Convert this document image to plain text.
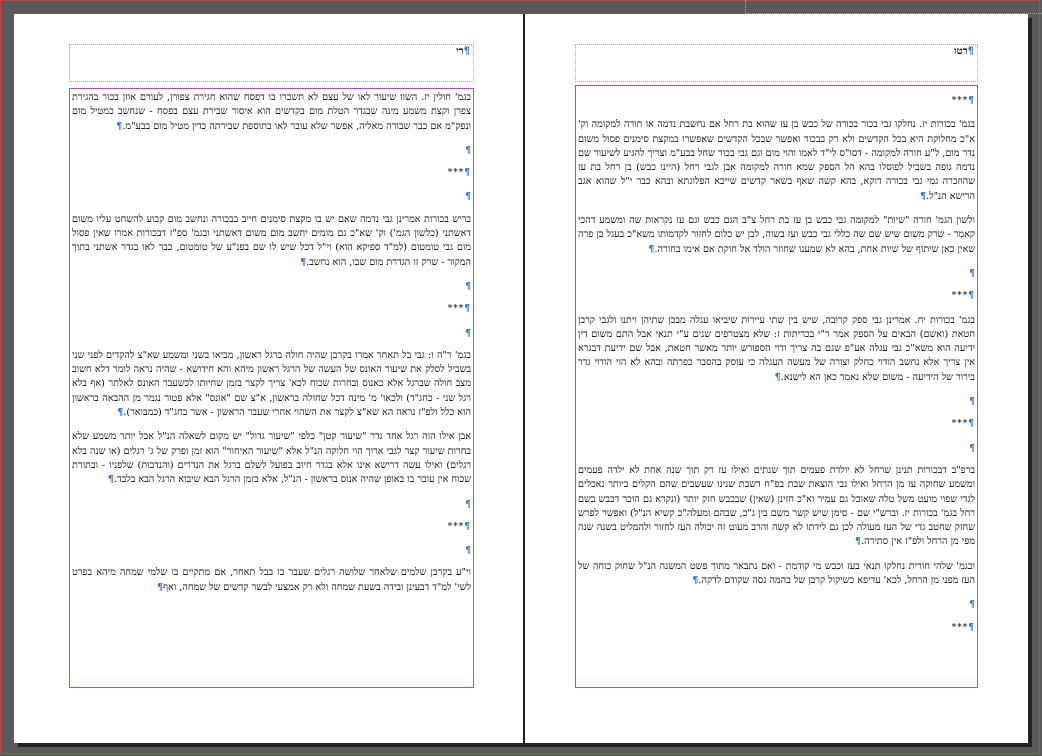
¶רי

בגמ' חולין יז. השוו שיעור לאו של עצם לא תשברו בו דפסח שהוא חגירת צפורן, לעורם אוזן בכור בהגירת צפרן וקצת משמע מינה שבגדר הטלת מום בקדשים הוא איסור שבירת עצם בפסח - שנחשב כמטיל מום ונפק"מ אם כבר שבורה מאליה, אפשר שלא עובר לאו בתוספת שבירתה כדין מטיל מום בבע"מ.¶

¶
¶***
¶

בריש בכורות אמרינן גבי נדמה שאם יש בו מקצת סימנים חייב בבכורה ונחשב מום קבוע להשחט עליו משום דאשתני (כלשון הגמ') וק' שא"כ גם מומים יחשב מום משום דאשתני ובגמ' ספ"ז דבכורות אמרו שאין פסול מום גבי טומטום (למ"ד ספיקא הוא) וי"ל דכל שיש לו שם בפנ"ע של טומטום, כבר לאו בגדר אשתני בתוך המקור - שרק זו הגדרת מום שבו, הוא נחשב.¶

¶
¶***
¶

בגמ' ר"ה ו: גבי בל תאחר אמרו בקרבן שהיה חולה ברגל ראשון, מביאו בשני ומשמע שא"צ להקדים לפני שני בשביל לסלק את שיעור האונס של העשה של הרגל ראשון מיהא והא חידושא - שהיה נראה לומר דלא חשוב מצב חולה שברגל אלא כאנוס ובחרות שכוח לכא' צריך לקצר בזמן שחיותו לכשעבר האונס לאלתר (אף בלא רגל שני - כחג"ד) ולכאו' מ' מינה דכל שחולה בראשון, א"צ שם "אונס" אלא פטור נגמר מן ההבאה בראשון הוא כלל ולפ"ז נראה הא שא"צ לקצר את השהוי אחרי שעבר הראשון - אשר בחג"ד (כמבואר).¶

אבן אילו הוה רגל אחד גדר "שיעור קטן" כלפי "שיעור גדול" יש מקום לשאלה הנ"ל אבל יותר משמע שלא בחרות שיעור קצר לגבי ארוך הוי חלוקה הנ"ל אלא "שיעור האיחור" הוא זמן ופרק של ג' רגלים (או שנה בלא רגלים) ואילו עשה דרישא אינו אלא בגדר חיוב בפועל לשלם ברגל את הנדרים (והנדבות) שלפניו - ובתורת שכוח אין עובר בו באופן שהיה אנוס בראשון - הנ"ל, אלא בזמן הרגל הבא שיבוא הרגל הבא בלבד.¶

¶
¶***
¶

וי"ע בקרבן שלמים שלאחר שלושה רגלים שעבר בו בבל תאחר, אם מתקיים בו שלמי שמחה מיהא בפרט לשי' למ"ד דבעינן ובידה בשעת שמחה ולא רק אמצעי לבשר קדשים של שמחה, ואף¶

¶רטו
¶***

בגמ' בכורות יז. נחלקו גבי בכור בכורה של כבש בן עז שהוא בת רחל אם נחשבת נדמה או חורה למקומה וק' א"כ מחלוקת היא בכל הקדשים ולא רק בבכור ואפשר שבכל הקדשים שאפשרו במקצת סימנים פסול משום נדר מום, ל"ע חורה למקומה - דסו"ס לי"ד לאמו והוי מום וגם גבי בכור שחל בבע"מ וצריך להגיע לשיעור שם נדמה גופה בשביל לפוסלו בהא הל הספק שמא חורה למקומה אבן לגבי רחל (היינו כבש) בן רחל בת עז שהוזכרה גמי גבי בכורה דוקא, בהא קשה שאף בשאר קדשים שייכא הפלוגתא ובהא כבר י"ל שהוא אגב הרישא הנ"ל.¶

ולשון הגמ' חורה "שיות" למקומה גבי כבש בן עז בת רחל צ"ב הגם כבש וגם עז נקראות שה ומשמע דהכי קאמר - שרק משום שיש שם שה כללי גבי כבש ועז בשוה, לכן יש כלום לחזור לקדמותו משא"כ בעגל בן פרה שאין כאן שיתוף של שיות אחת, בהא לא שמענו שחוזר הולד אל חוקת אם אימו בחורה.¶

¶
¶***

בגמ' בכורות יח. אמרינן גבי ספק קרובה, שיש בין שתי עיירות שיביאו עגלה מבכן שתיהן ויתנו ולגבי קרבן חטאת (ואשם) הבאים על הספק אמר ר"י בכריתות ז: שלא מצטרפים שנים ע"י תנאי אבל התם משום דין ידיעה הוא משא"כ גבי עגלה אע"פ שגם בה צריך ודוי הספורש יותר מאשר חטאת, אבל שם ידיעת דבגרא אין צריך אלא נחשב הודוי כחלק וצורה של מעשה העגלה כי עוסק בהסבר כפרתה ובהא לא הוי הודוי גדר בירור של הידיעה - משום שלא נאמר כאן הא לישנא.¶

¶
¶***
¶

ברפ"ב דבכורות תנינן שרחל לא יולדת פעמים תוך שנתים ואילו עז רק תוך שנה אחת לא ילדה פעמים ומשמע שחוקה עז מן הרחל ואילו גבי הוצאת שבת בפ"ח דשבת שנינו שעשבים שהם הקלים ביותר נאכלים לגדי שפוי מועט משל טלה שאוכל גם עמיר וא"כ חזינן (שאין) שבכבש חזק יותר (ונקרא גם הוכר דכבש בשם רחל בגמ' בכורות יז. וברש"י שם - סימן שיש קשר משם בין ג"כ, שבהם ומעלה"כ קשיא הנ"ל) ואפשר לפרש שחזק שחטב גדי של העז מעולה לכן גם לידתו לא קשה והרב מעוט זה יכולה העז לחזור ולהמליט בשנה שנה מפי מן הרחל ולפ"ז אין סתירה.¶

ובגמ' שלהי חורית נחלקו תנאי בעז וכבש מי קודמת - ואם נתבאר מתוך פשט המשנה הנ"ל שחוק כוחה של העז מפני מן הרחל, לכא' עדיפא כשיקול קרבן של בהמה גסה שקודם לדקה.¶

¶
¶***
